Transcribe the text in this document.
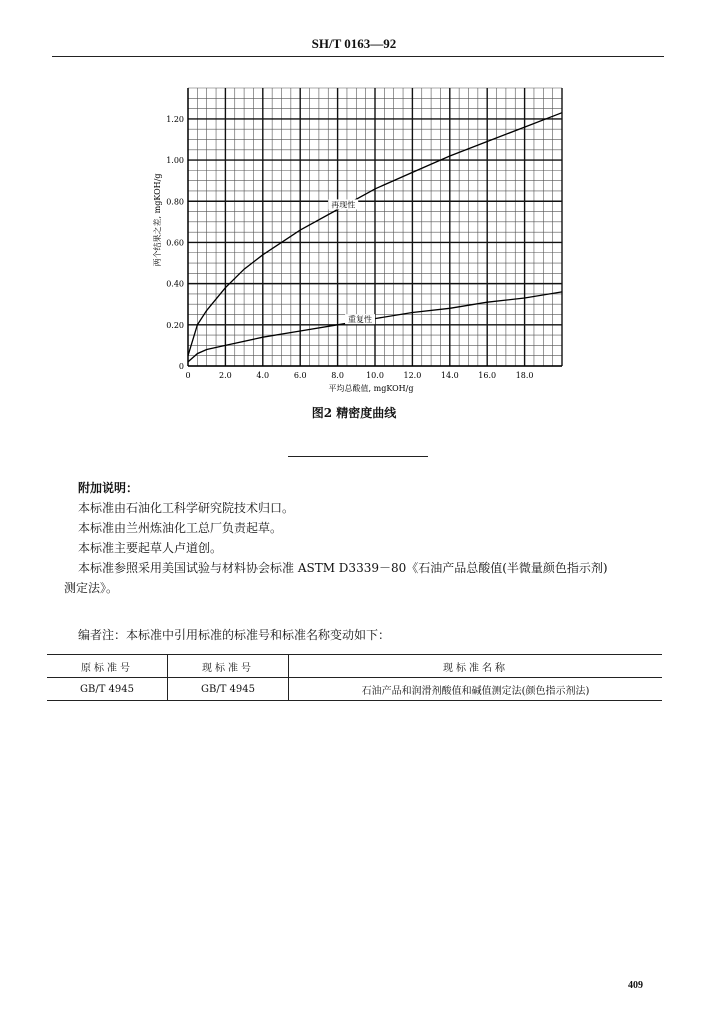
SH/T 0163—92
0	2.0	4.0	6.0	8.0	10.0 12.0 14.0 16.0 18.0
0
0.20
0.40
0.60
0.80
1.00
1.20
再现性
重复性
平均总酸值, mgKOH/g
两个结果之差, mgKOH/g
图2 精密度曲线

附加说明：

本标准由石油化工科学研究院技术归口。

本标准由兰州炼油化工总厂负责起草。

本标准主要起草人卢道创。

本标准参照采用美国试验与材料协会标准 ASTM D3339－80《石油产品总酸值(半微量颜色指示剂)

测定法》。

编者注：本标准中引用标准的标准号和标准名称变动如下：
原标准号	现标准号	现标准名称
GB/T 4945	GB/T 4945	石油产品和润滑剂酸值和碱值测定法(颜色指示剂法)
409
